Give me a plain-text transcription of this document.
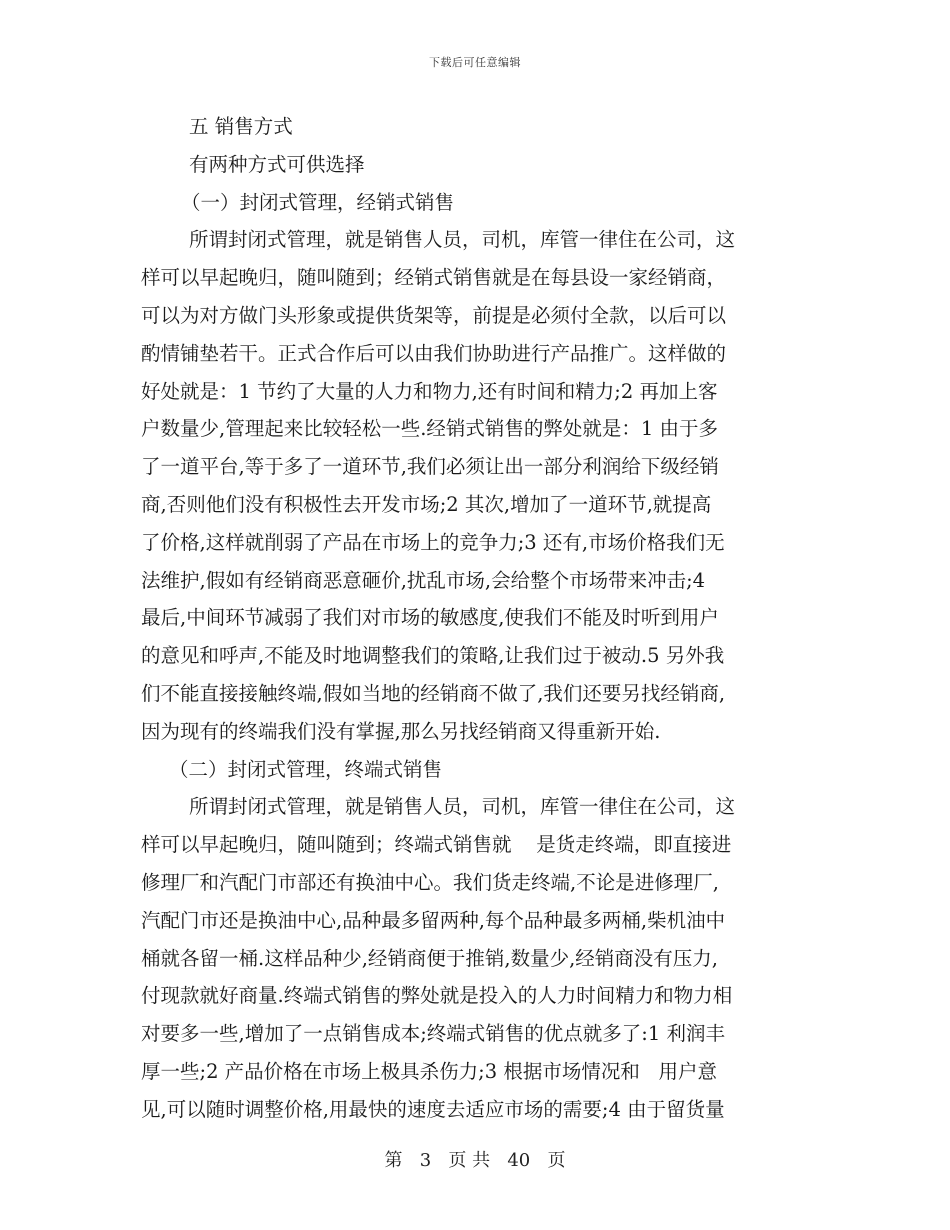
下载后可任意编辑
五 销售方式
有两种方式可供选择
（一）封闭式管理，经销式销售
所谓封闭式管理，就是销售人员，司机，库管一律住在公司，这
样可以早起晚归，随叫随到；经销式销售就是在每县设一家经销商，
可以为对方做门头形象或提供货架等，前提是必须付全款，以后可以
酌情铺垫若干。正式合作后可以由我们协助进行产品推广。这样做的
好处就是：1 节约了大量的人力和物力,还有时间和精力;2 再加上客
户数量少,管理起来比较轻松一些.经销式销售的弊处就是：1 由于多
了一道平台,等于多了一道环节,我们必须让出一部分利润给下级经销
商,否则他们没有积极性去开发市场;2 其次,增加了一道环节,就提高
了价格,这样就削弱了产品在市场上的竞争力;3 还有,市场价格我们无
法维护,假如有经销商恶意砸价,扰乱市场,会给整个市场带来冲击;4
最后,中间环节减弱了我们对市场的敏感度,使我们不能及时听到用户
的意见和呼声,不能及时地调整我们的策略,让我们过于被动.5 另外我
们不能直接接触终端,假如当地的经销商不做了,我们还要另找经销商,
因为现有的终端我们没有掌握,那么另找经销商又得重新开始.
（二）封闭式管理，终端式销售
所谓封闭式管理，就是销售人员，司机，库管一律住在公司，这
样可以早起晚归，随叫随到；终端式销售就    是货走终端，即直接进
修理厂和汽配门市部还有换油中心。我们货走终端,不论是进修理厂,
汽配门市还是换油中心,品种最多留两种,每个品种最多两桶,柴机油中
桶就各留一桶.这样品种少,经销商便于推销,数量少,经销商没有压力,
付现款就好商量.终端式销售的弊处就是投入的人力时间精力和物力相
对要多一些,增加了一点销售成本;终端式销售的优点就多了:1 利润丰
厚一些;2 产品价格在市场上极具杀伤力;3 根据市场情况和   用户意
见,可以随时调整价格,用最快的速度去适应市场的需要;4 由于留货量
第 3 页 共 40 页
